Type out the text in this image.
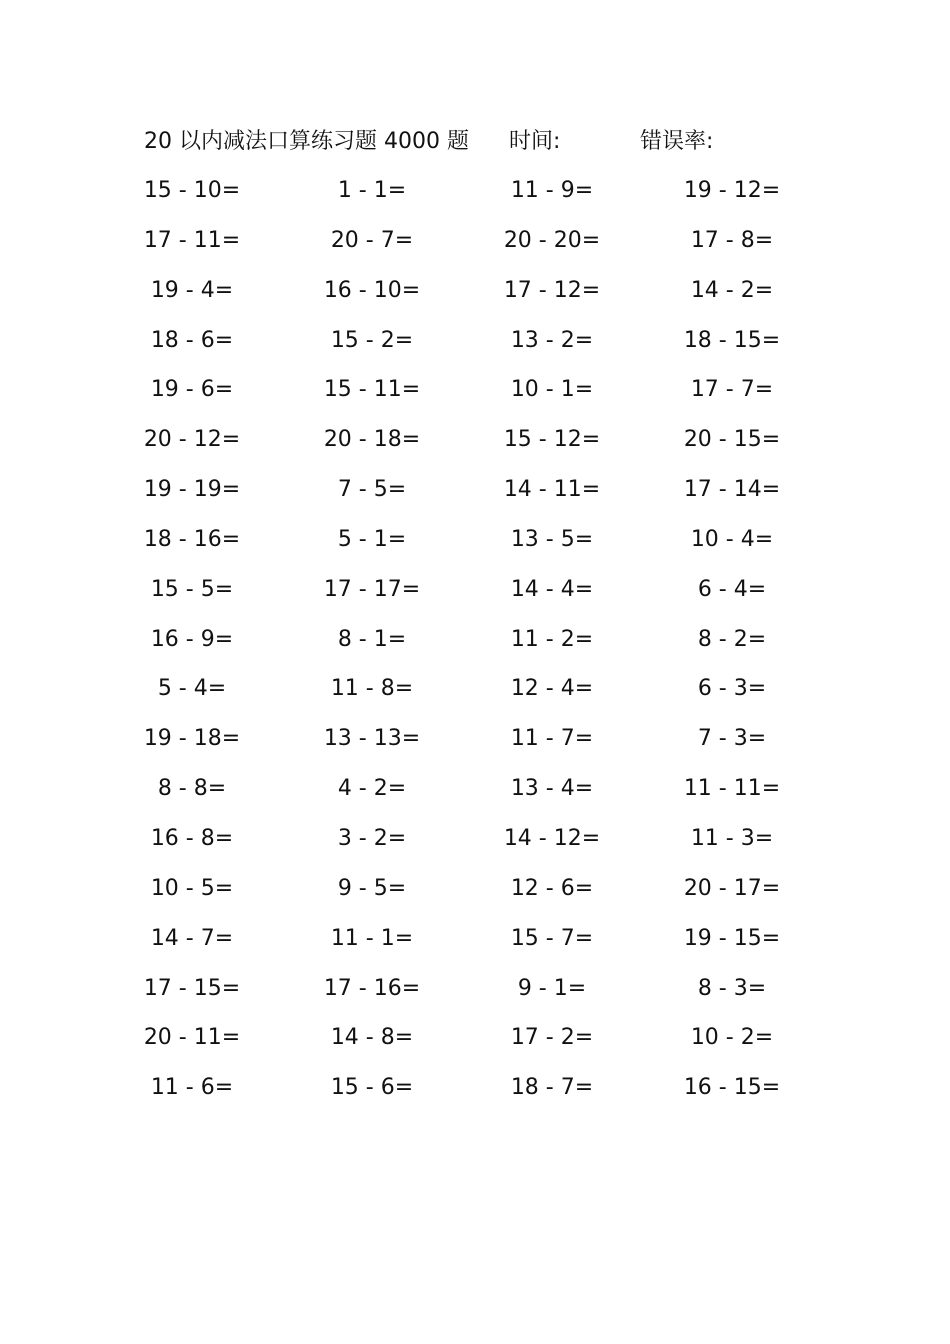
20 以内减法口算练习题 4000 题 时间:	错误率:
15 - 10=	1 - 1=	11 - 9=	19 - 12=
17 - 11=	20 - 7=	20 - 20=	17 - 8=
19 - 4=	16 - 10=	17 - 12=	14 - 2=
18 - 6=	15 - 2=	13 - 2=	18 - 15=
19 - 6=	15 - 11=	10 - 1=	17 - 7=
20 - 12=	20 - 18=	15 - 12=	20 - 15=
19 - 19=	7 - 5=	14 - 11=	17 - 14=
18 - 16=	5 - 1=	13 - 5=	10 - 4=
15 - 5=	17 - 17=	14 - 4=	6 - 4=
16 - 9=	8 - 1=	11 - 2=	8 - 2=
5 - 4=	11 - 8=	12 - 4=	6 - 3=
19 - 18=	13 - 13=	11 - 7=	7 - 3=
8 - 8=	4 - 2=	13 - 4=	11 - 11=
16 - 8=	3 - 2=	14 - 12=	11 - 3=
10 - 5=	9 - 5=	12 - 6=	20 - 17=
14 - 7=	11 - 1=	15 - 7=	19 - 15=
17 - 15=	17 - 16=	9 - 1=	8 - 3=
20 - 11=	14 - 8=	17 - 2=	10 - 2=
11 - 6=	15 - 6=	18 - 7=	16 - 15=
